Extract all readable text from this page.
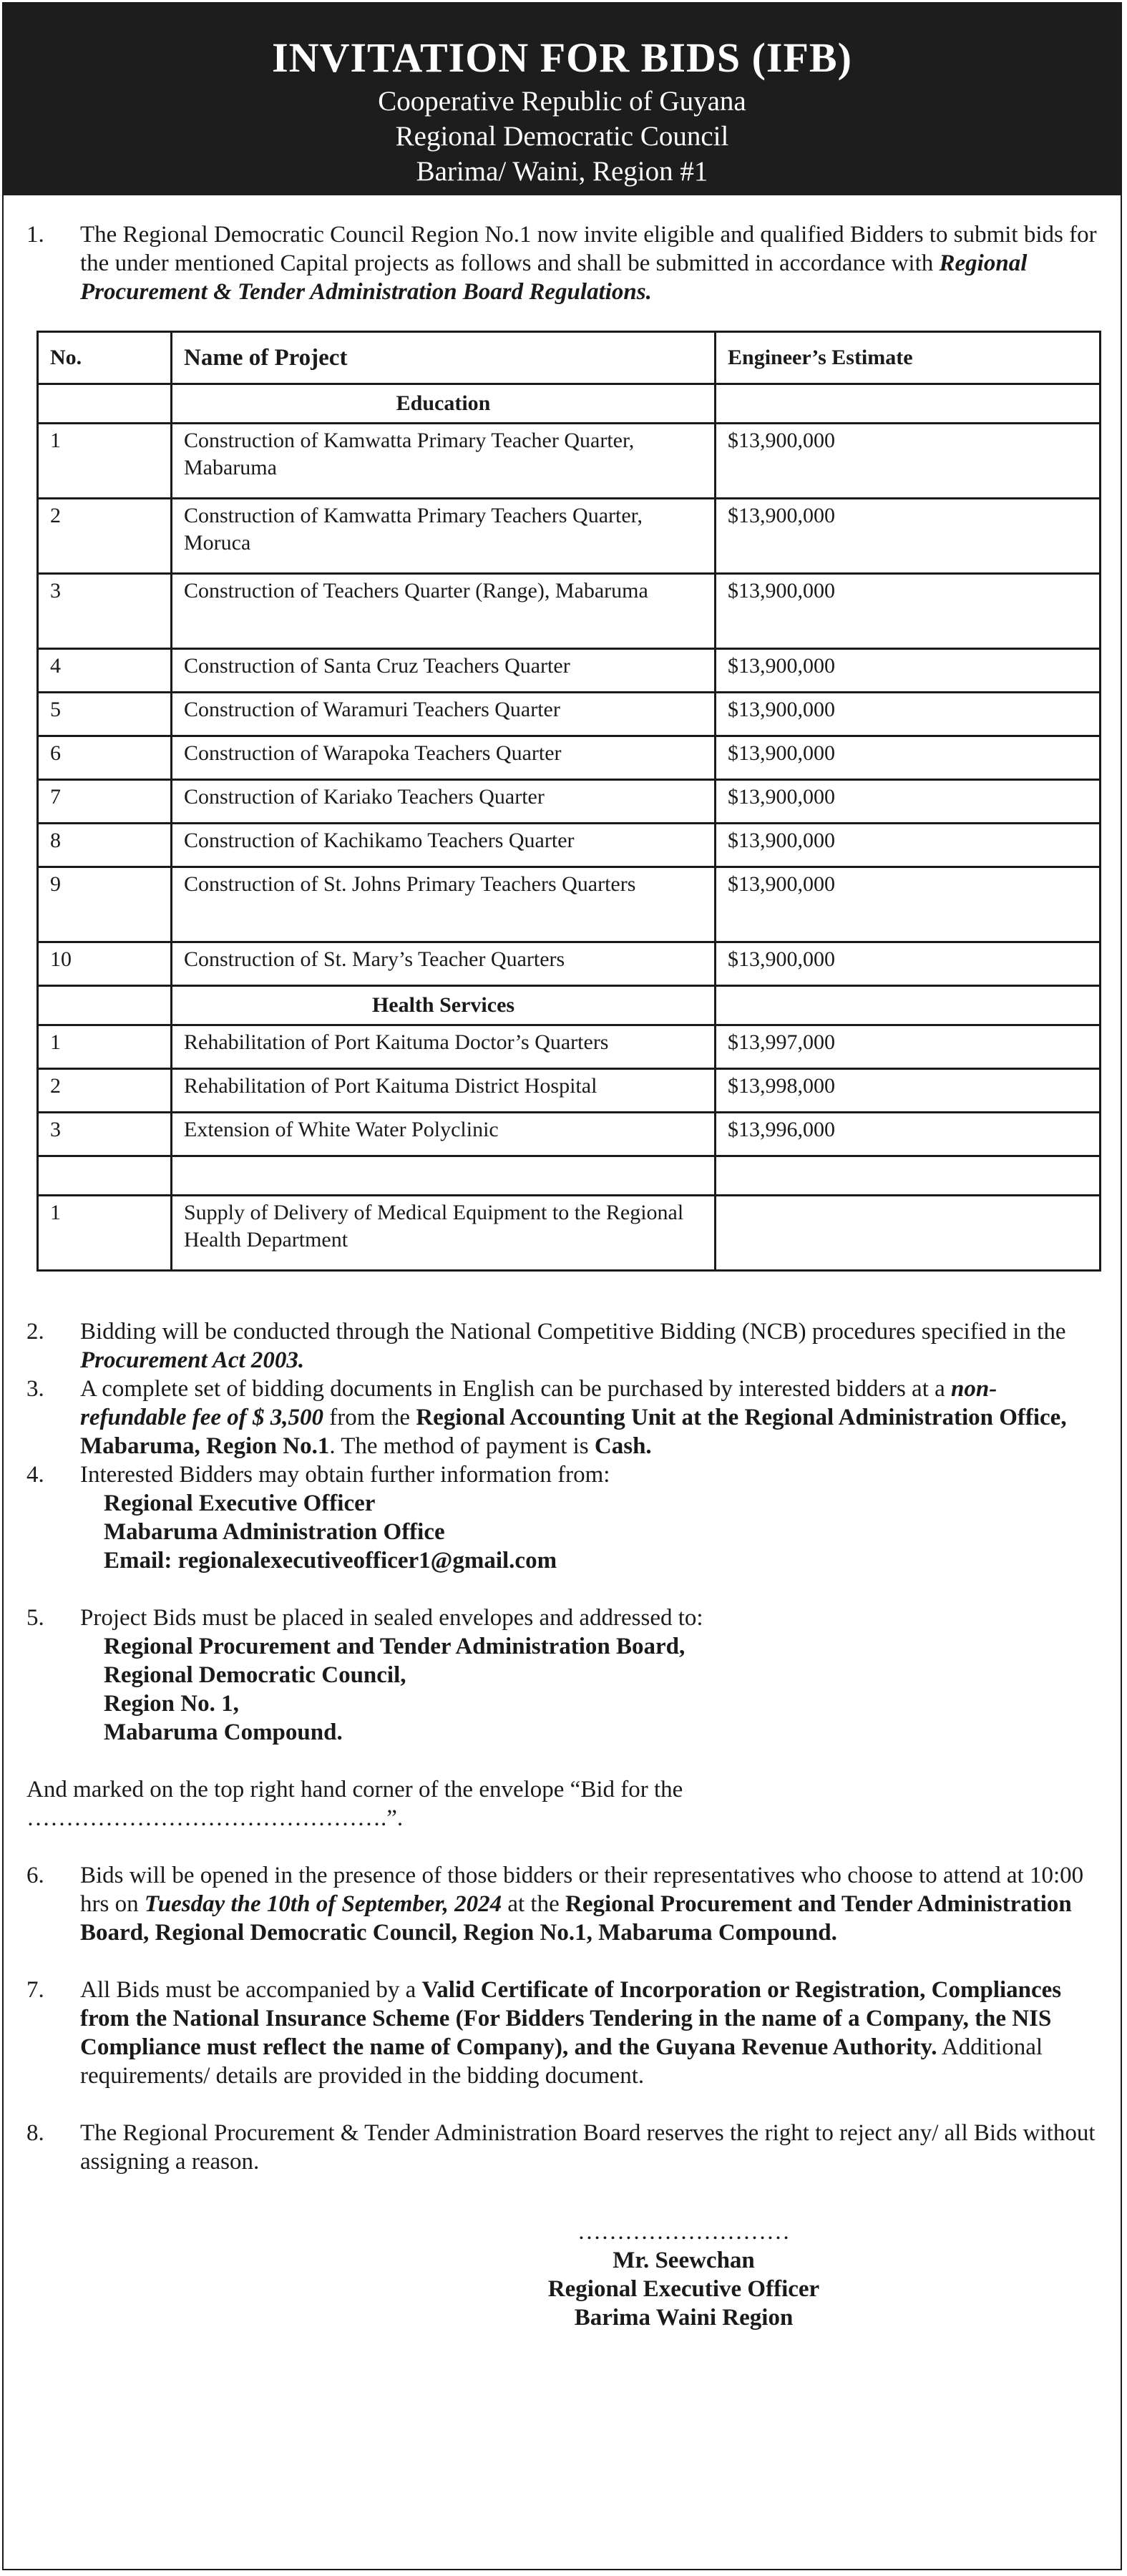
INVITATION FOR BIDS (IFB)
Cooperative Republic of Guyana
Regional Democratic Council
Barima/ Waini, Region #1
1.	The Regional Democratic Council Region No.1 now invite eligible and qualified Bidders to submit bids for the under mentioned Capital projects as follows and shall be submitted in accordance with Regional Procurement & Tender Administration Board Regulations.
No.	Name of Project	Engineer’s Estimate
	Education	
1	Construction of Kamwatta Primary Teacher Quarter, Mabaruma	$13,900,000
2	Construction of Kamwatta Primary Teachers Quarter, Moruca	$13,900,000
3	Construction of Teachers Quarter (Range), Mabaruma	$13,900,000
4	Construction of Santa Cruz Teachers Quarter	$13,900,000
5	Construction of Waramuri Teachers Quarter	$13,900,000
6	Construction of Warapoka Teachers Quarter	$13,900,000
7	Construction of Kariako Teachers Quarter	$13,900,000
8	Construction of Kachikamo Teachers Quarter	$13,900,000
9	Construction of St. Johns Primary Teachers Quarters	$13,900,000
10	Construction of St. Mary’s Teacher Quarters	$13,900,000
	Health Services	
1	Rehabilitation of Port Kaituma Doctor’s Quarters	$13,997,000
2	Rehabilitation of Port Kaituma District Hospital	$13,998,000
3	Extension of White Water Polyclinic	$13,996,000

1	Supply of Delivery of Medical Equipment to the Regional Health Department	
2.	Bidding will be conducted through the National Competitive Bidding (NCB) procedures specified in the Procurement Act 2003.
3.	A complete set of bidding documents in English can be purchased by interested bidders at a non-refundable fee of $ 3,500 from the Regional Accounting Unit at the Regional Administration Office, Mabaruma, Region No.1. The method of payment is Cash.
4.	Interested Bidders may obtain further information from:
Regional Executive Officer
Mabaruma Administration Office
Email: regionalexecutiveofficer1@gmail.com
5.	Project Bids must be placed in sealed envelopes and addressed to:
Regional Procurement and Tender Administration Board,
Regional Democratic Council,
Region No. 1,
Mabaruma Compound.
And marked on the top right hand corner of the envelope “Bid for the ……………………………………….”.
6.	Bids will be opened in the presence of those bidders or their representatives who choose to attend at 10:00 hrs on Tuesday the 10th of September, 2024 at the Regional Procurement and Tender Administration Board, Regional Democratic Council, Region No.1, Mabaruma Compound.
7.	All Bids must be accompanied by a Valid Certificate of Incorporation or Registration, Compliances from the National Insurance Scheme (For Bidders Tendering in the name of a Company, the NIS Compliance must reflect the name of Company), and the Guyana Revenue Authority. Additional requirements/ details are provided in the bidding document.
8.	The Regional Procurement & Tender Administration Board reserves the right to reject any/ all Bids without assigning a reason.
………………………
Mr. Seewchan
Regional Executive Officer
Barima Waini Region
